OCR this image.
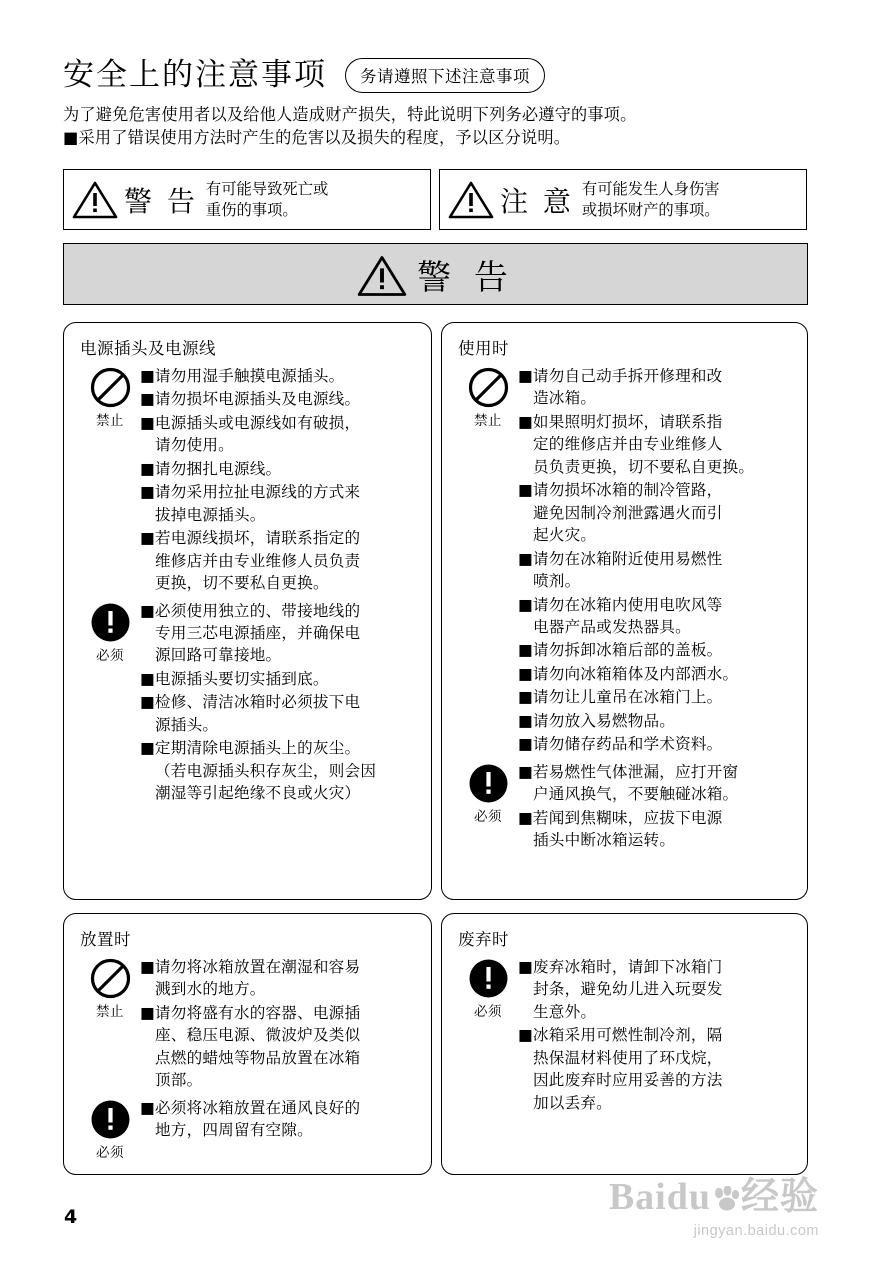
安全上的注意事项	务请遵照下述注意事项
为了避免危害使用者以及给他人造成财产损失，特此说明下列务必遵守的事项。
■采用了错误使用方法时产生的危害以及损失的程度，予以区分说明。
警 告 有可能导致死亡或
重伤的事项。	注 意 有可能发生人身伤害
或损坏财产的事项。
警 告
电源插头及电源线
禁止
■请勿用湿手触摸电源插头。
■请勿损坏电源插头及电源线。
■电源插头或电源线如有破损，
请勿使用。
■请勿捆扎电源线。
■请勿采用拉扯电源线的方式来
拔掉电源插头。
■若电源线损坏，请联系指定的
维修店并由专业维修人员负责
更换，切不要私自更换。
必须
■必须使用独立的、带接地线的
专用三芯电源插座，并确保电
源回路可靠接地。
■电源插头要切实插到底。
■检修、清洁冰箱时必须拔下电
源插头。
■定期清除电源插头上的灰尘。
（若电源插头积存灰尘，则会因
潮湿等引起绝缘不良或火灾）
使用时
禁止
■请勿自己动手拆开修理和改
造冰箱。
■如果照明灯损坏，请联系指
定的维修店并由专业维修人
员负责更换，切不要私自更换。
■请勿损坏冰箱的制冷管路，
避免因制冷剂泄露遇火而引
起火灾。
■请勿在冰箱附近使用易燃性
喷剂。
■请勿在冰箱内使用电吹风等
电器产品或发热器具。
■请勿拆卸冰箱后部的盖板。
■请勿向冰箱箱体及内部洒水。
■请勿让儿童吊在冰箱门上。
■请勿放入易燃物品。
■请勿储存药品和学术资料。
必须
■若易燃性气体泄漏，应打开窗
户通风换气，不要触碰冰箱。
■若闻到焦糊味，应拔下电源
插头中断冰箱运转。
放置时
禁止
■请勿将冰箱放置在潮湿和容易
溅到水的地方。
■请勿将盛有水的容器、电源插
座、稳压电源、微波炉及类似
点燃的蜡烛等物品放置在冰箱
顶部。
必须
■必须将冰箱放置在通风良好的
地方，四周留有空隙。
废弃时
必须
■废弃冰箱时，请卸下冰箱门
封条，避免幼儿进入玩耍发
生意外。
■冰箱采用可燃性制冷剂，隔
热保温材料使用了环戊烷，
因此废弃时应用妥善的方法
加以丢弃。
4	Baidu 经验
jingyan.baidu.com
